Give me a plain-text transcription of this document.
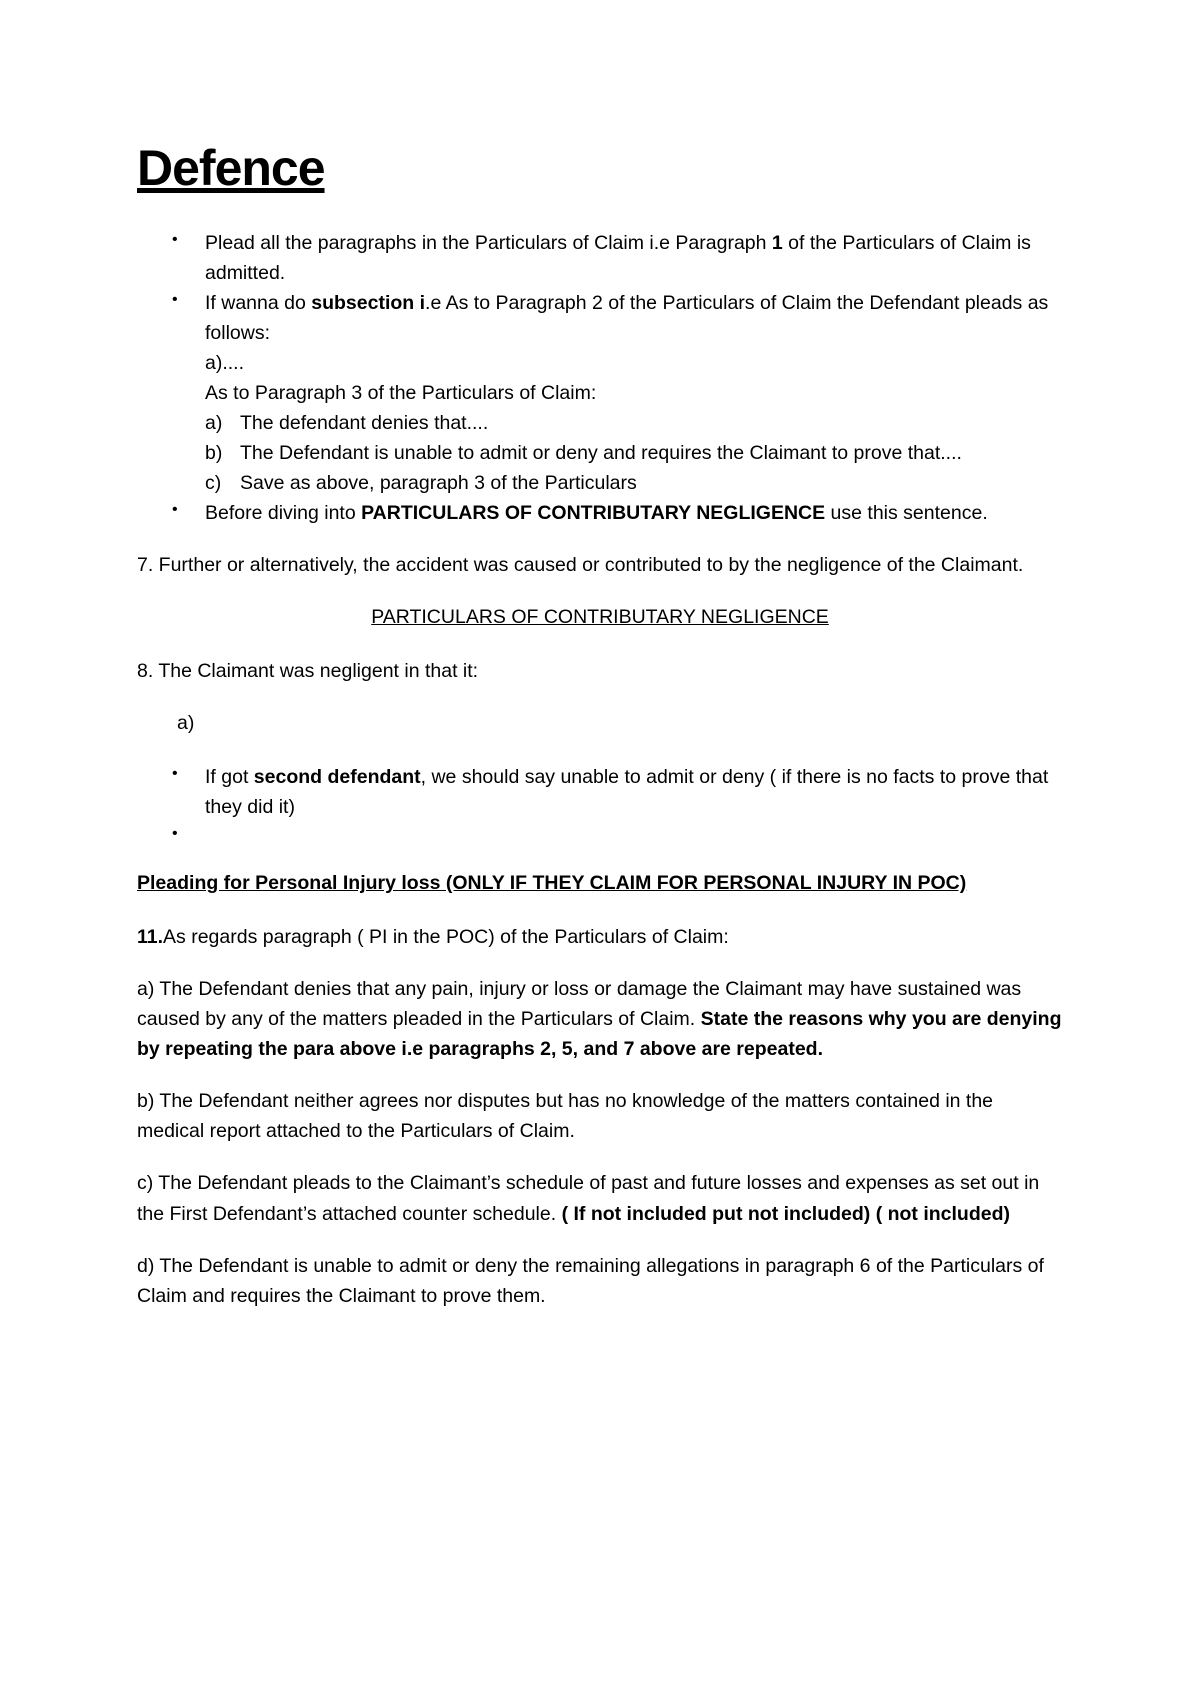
Defence
•	Plead all the paragraphs in the Particulars of Claim i.e Paragraph 1 of the Particulars of Claim is admitted.
•	If wanna do subsection i.e As to Paragraph 2 of the Particulars of Claim the Defendant pleads as follows:
a)....
As to Paragraph 3 of the Particulars of Claim:
a) The defendant denies that....
b) The Defendant is unable to admit or deny and requires the Claimant to prove that....
c) Save as above, paragraph 3 of the Particulars
•	Before diving into PARTICULARS OF CONTRIBUTARY NEGLIGENCE use this sentence.

7. Further or alternatively, the accident was caused or contributed to by the negligence of the Claimant.

PARTICULARS OF CONTRIBUTARY NEGLIGENCE

8. The Claimant was negligent in that it:

a)

•	If got second defendant, we should say unable to admit or deny ( if there is no facts to prove that they did it)
•

Pleading for Personal Injury loss (ONLY IF THEY CLAIM FOR PERSONAL INJURY IN POC)

11.As regards paragraph ( PI in the POC) of the Particulars of Claim:

a) The Defendant denies that any pain, injury or loss or damage the Claimant may have sustained was caused by any of the matters pleaded in the Particulars of Claim. State the reasons why you are denying by repeating the para above i.e paragraphs 2, 5, and 7 above are repeated.

b) The Defendant neither agrees nor disputes but has no knowledge of the matters contained in the medical report attached to the Particulars of Claim.

c) The Defendant pleads to the Claimant’s schedule of past and future losses and expenses as set out in the First Defendant’s attached counter schedule. ( If not included put not included) ( not included)

d) The Defendant is unable to admit or deny the remaining allegations in paragraph 6 of the Particulars of Claim and requires the Claimant to prove them.
